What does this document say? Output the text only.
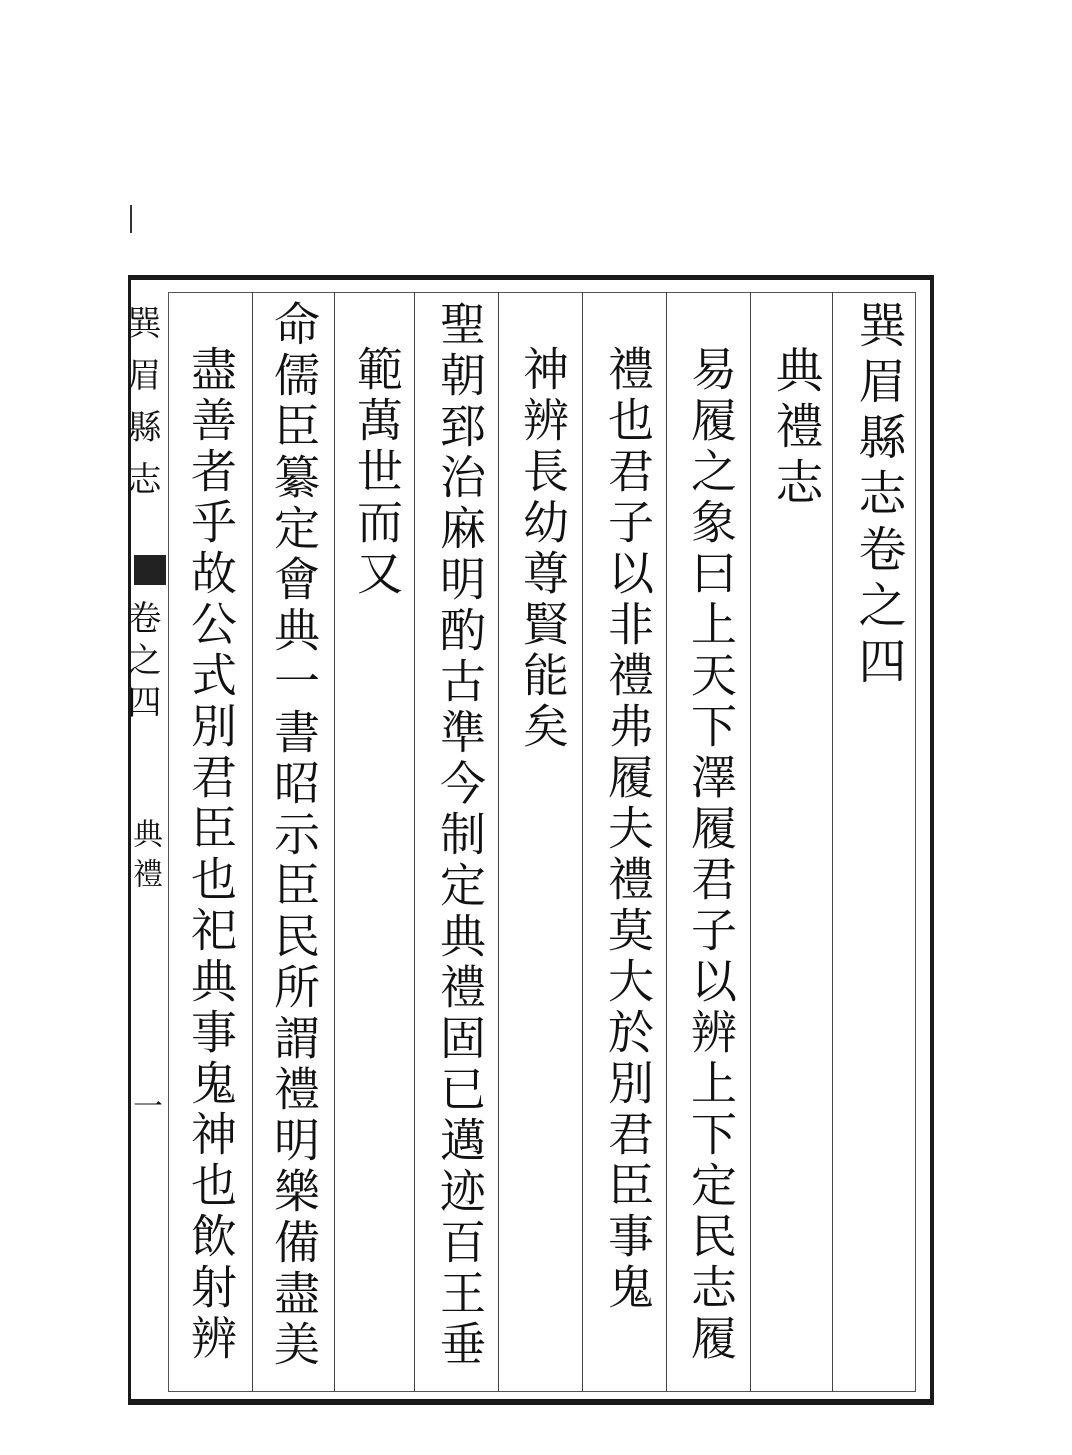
巽眉縣志卷之四
典禮志
易履之象曰上天下澤履君子以辨上下定民志履
禮也君子以非禮弗履夫禮莫大於別君臣事鬼
神辨長幼尊賢能矣
聖朝郅治麻明酌古準今制定典禮固已邁迹百王垂
範萬世而又
命儒臣纂定會典一書昭示臣民所謂禮明樂備盡美
盡善者乎故公式別君臣也祀典事鬼神也飲射辨
巽眉縣志
卷之四
典禮
一
